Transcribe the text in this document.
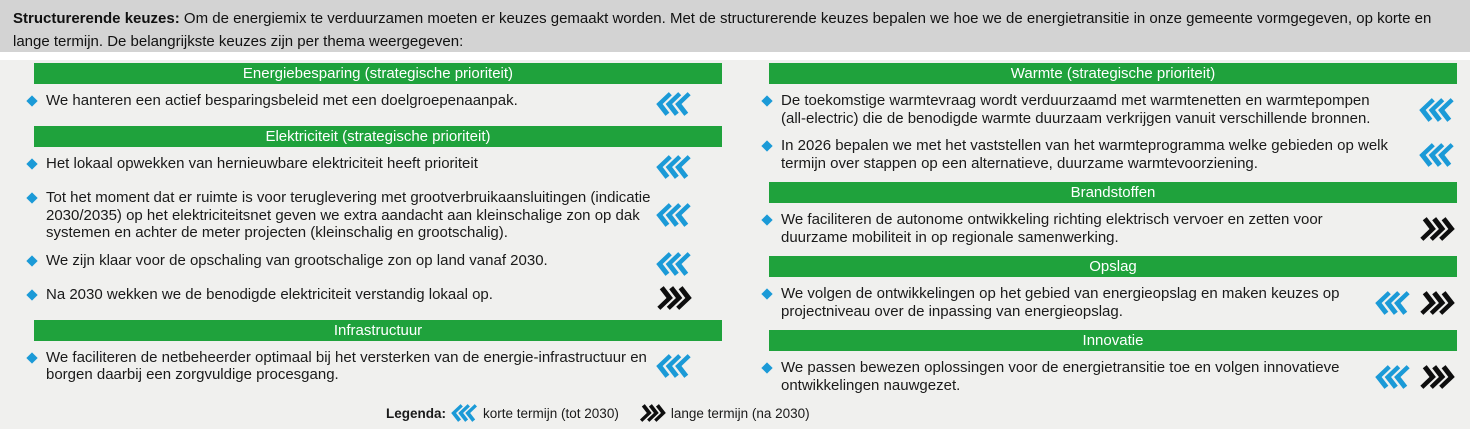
Structurerende keuzes: Om de energiemix te verduurzamen moeten er keuzes gemaakt worden. Met de structurerende keuzes bepalen we hoe we de energietransitie in onze gemeente vormgegeven, op korte en lange termijn. De belangrijkste keuzes zijn per thema weergegeven:
Energiebesparing (strategische prioriteit)
We hanteren een actief besparingsbeleid met een doelgroepenaanpak.
Elektriciteit (strategische prioriteit)
Het lokaal opwekken van hernieuwbare elektriciteit heeft prioriteit
Tot het moment dat er ruimte is voor teruglevering met grootverbruikaansluitingen (indicatie 2030/2035) op het elektriciteitsnet geven we extra aandacht aan kleinschalige zon op dak systemen en achter de meter projecten (kleinschalig en grootschalig).
We zijn klaar voor de opschaling van grootschalige zon op land vanaf 2030.
Na 2030 wekken we de benodigde elektriciteit verstandig lokaal op.
Infrastructuur
We faciliteren de netbeheerder optimaal bij het versterken van de energie-infrastructuur en borgen daarbij een zorgvuldige procesgang.
Warmte (strategische prioriteit)
De toekomstige warmtevraag wordt verduurzaamd met warmtenetten en warmtepompen (all-electric) die de benodigde warmte duurzaam verkrijgen vanuit verschillende bronnen.
In 2026 bepalen we met het vaststellen van het warmteprogramma welke gebieden op welk termijn over stappen op een alternatieve, duurzame warmtevoorziening.
Brandstoffen
We faciliteren de autonome ontwikkeling richting elektrisch vervoer en zetten voor duurzame mobiliteit in op regionale samenwerking.
Opslag
We volgen de ontwikkelingen op het gebied van energieopslag en maken keuzes op projectniveau over de inpassing van energieopslag.
Innovatie
We passen bewezen oplossingen voor de energietransitie toe en volgen innovatieve ontwikkelingen nauwgezet.
Legenda:	korte termijn (tot 2030)	lange termijn (na 2030)
